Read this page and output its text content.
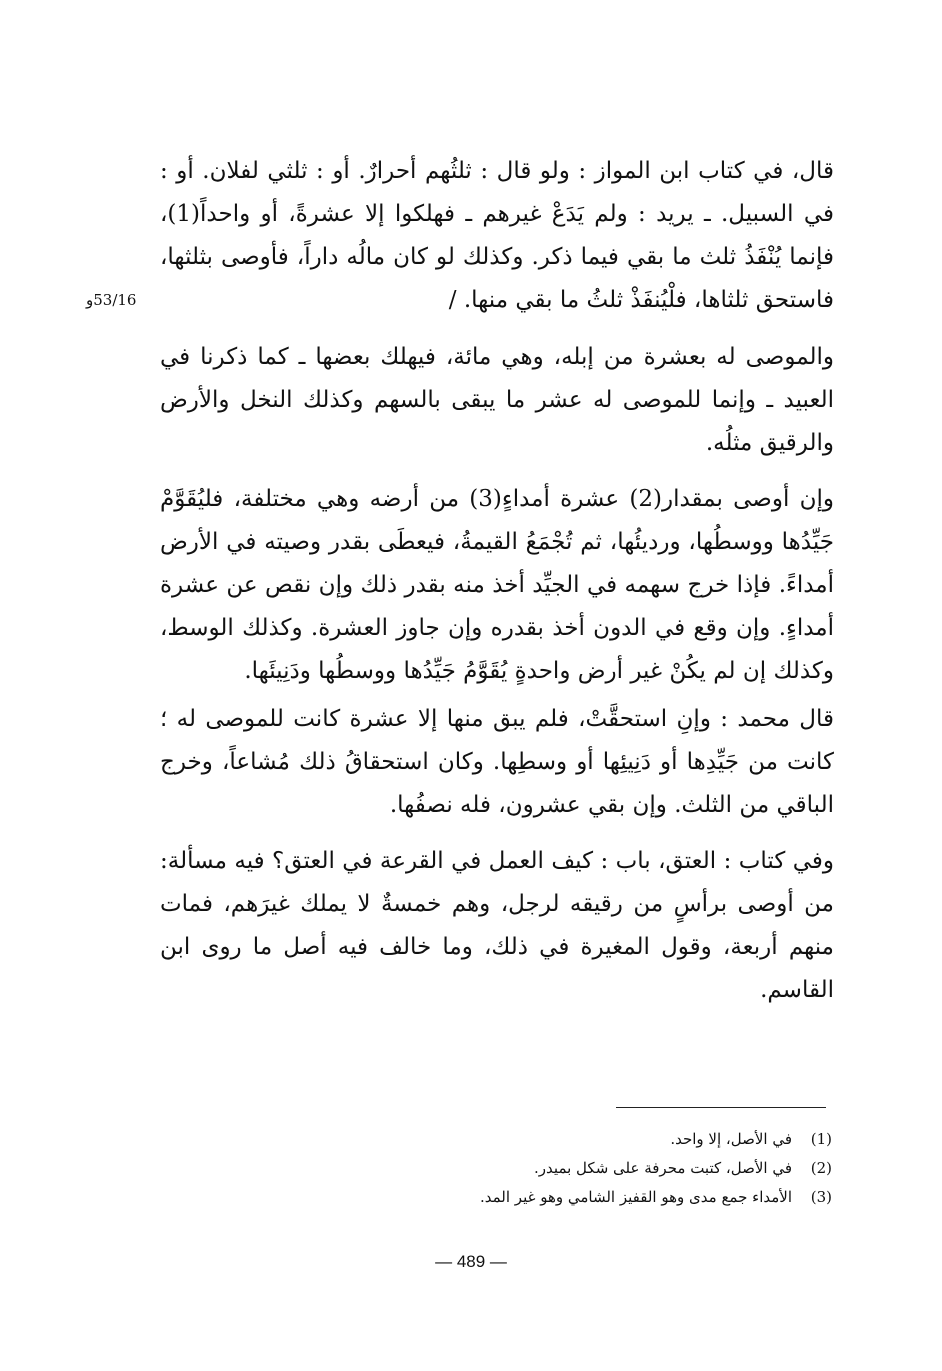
قال، في كتاب ابن المواز : ولو قال : ثلثُهم أحرارٌ. أو : ثلثي لفلان. أو : في السبيل. ـ يريد : ولم يَدَعْ غيرهم ـ فهلكوا إلا عشرةً، أو واحداً(1)، فإنما يُنْفَذُ ثلث ما بقي فيما ذكر. وكذلك لو كان مالُه داراً، فأوصى بثلثها، فاستحق ثلثاها، فلْيُنفَذْ ثلثُ ما بقي منها. /
53/16و
والموصى له بعشرة من إبله، وهي مائة، فيهلك بعضها ـ كما ذكرنا في العبيد ـ وإنما للموصى له عشر ما يبقى بالسهم وكذلك النخل والأرض والرقيق مثلُه.
وإن أوصى بمقدار(2) عشرة أمداءٍ(3) من أرضه وهي مختلفة، فليُقَوَّمْ جَيِّدُها ووسطُها، ورديئُها، ثم تُجْمَعُ القيمةُ، فيعطَى بقدر وصيته في الأرض أمداءً. فإذا خرج سهمه في الجيِّد أخذ منه بقدر ذلك وإن نقص عن عشرة أمداءٍ. وإن وقع في الدون أخذ بقدره وإن جاوز العشرة. وكذلك الوسط، وكذلك إن لم يكُنْ غير أرض واحدةٍ يُقَوَّمُ جَيِّدُها ووسطُها ودَنِيئَها.
قال محمد : وإنِ استحقَّتْ، فلم يبق منها إلا عشرة كانت للموصى له ؛ كانت من جَيِّدِها أو دَنِيئِها أو وسطِها. وكان استحقاقُ ذلك مُشاعاً، وخرج الباقي من الثلث. وإن بقي عشرون، فله نصفُها.
وفي كتاب : العتق، باب : كيف العمل في القرعة في العتق؟ فيه مسألة: من أوصى برأسٍ من رقيقه لرجل، وهم خمسةٌ لا يملك غيرَهم، فمات منهم أربعة، وقول المغيرة في ذلك، وما خالف فيه أصل ما روى ابن القاسم.
(1)
في الأصل، إلا واحد.
(2)
في الأصل، كتبت محرفة على شكل بميدر.
(3)
الأمداء جمع مدى وهو القفيز الشامي وهو غير المد.
— 489 —
